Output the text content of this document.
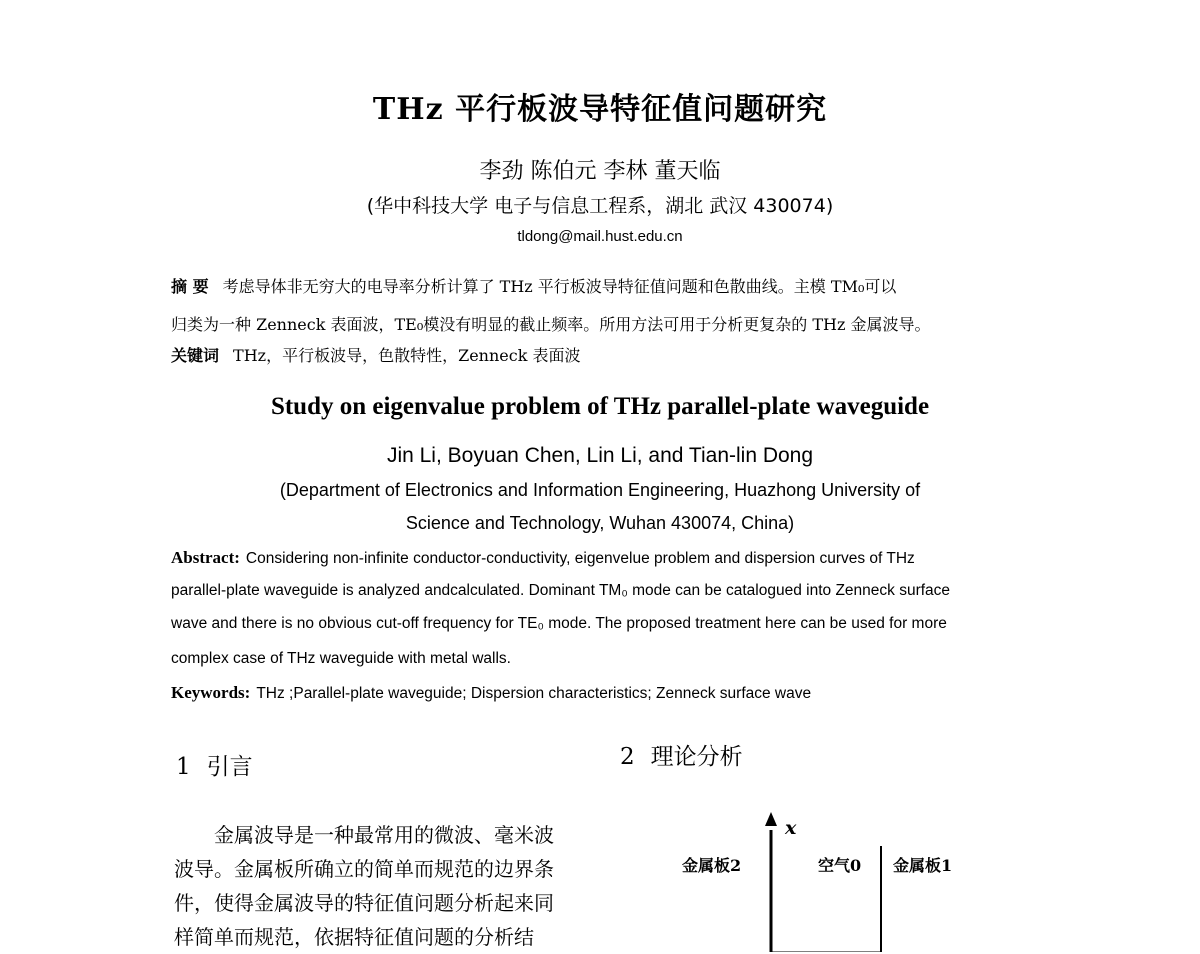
THz 平行板波导特征值问题研究
李劲 陈伯元 李林 董天临
(华中科技大学 电子与信息工程系，湖北 武汉 430074)
tldong@mail.hust.edu.cn
摘 要 考虑导体非无穷大的电导率分析计算了 THz 平行板波导特征值问题和色散曲线。主模 TM₀可以
归类为一种 Zenneck 表面波，TE₀模没有明显的截止频率。所用方法可用于分析更复杂的 THz 金属波导。
关键词 THz，平行板波导，色散特性，Zenneck 表面波
Study on eigenvalue problem of THz parallel-plate waveguide
Jin Li, Boyuan Chen, Lin Li, and Tian-lin Dong
(Department of Electronics and Information Engineering, Huazhong University of
Science and Technology, Wuhan 430074, China)
Abstract: Considering non-infinite conductor-conductivity, eigenvelue problem and dispersion curves of THz
parallel-plate waveguide is analyzed andcalculated. Dominant TM₀ mode can be catalogued into Zenneck surface
wave and there is no obvious cut-off frequency for TE₀ mode. The proposed treatment here can be used for more
complex case of THz waveguide with metal walls.
Keywords: THz ;Parallel-plate waveguide; Dispersion characteristics; Zenneck surface wave
1 引言	2 理论分析

金属波导是一种最常用的微波、毫米波

波导。金属板所确立的简单而规范的边界条
件，使得金属波导的特征值问题分析起来同
样简单而规范，依据特征值问题的分析结
x
金属板2	空气0 金属板1
